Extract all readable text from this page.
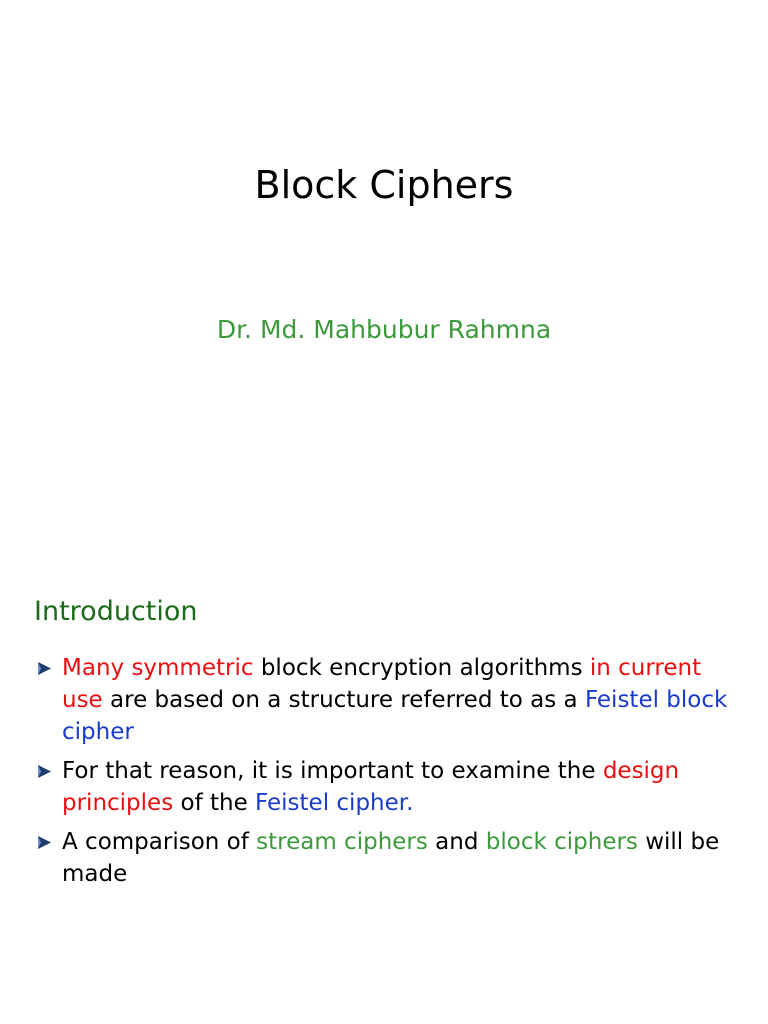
Block Ciphers
Dr. Md. Mahbubur Rahmna
Introduction
Many symmetric block encryption algorithms in current use are based on a structure referred to as a Feistel block cipher
For that reason, it is important to examine the design principles of the Feistel cipher.
A comparison of stream ciphers and block ciphers will be made
